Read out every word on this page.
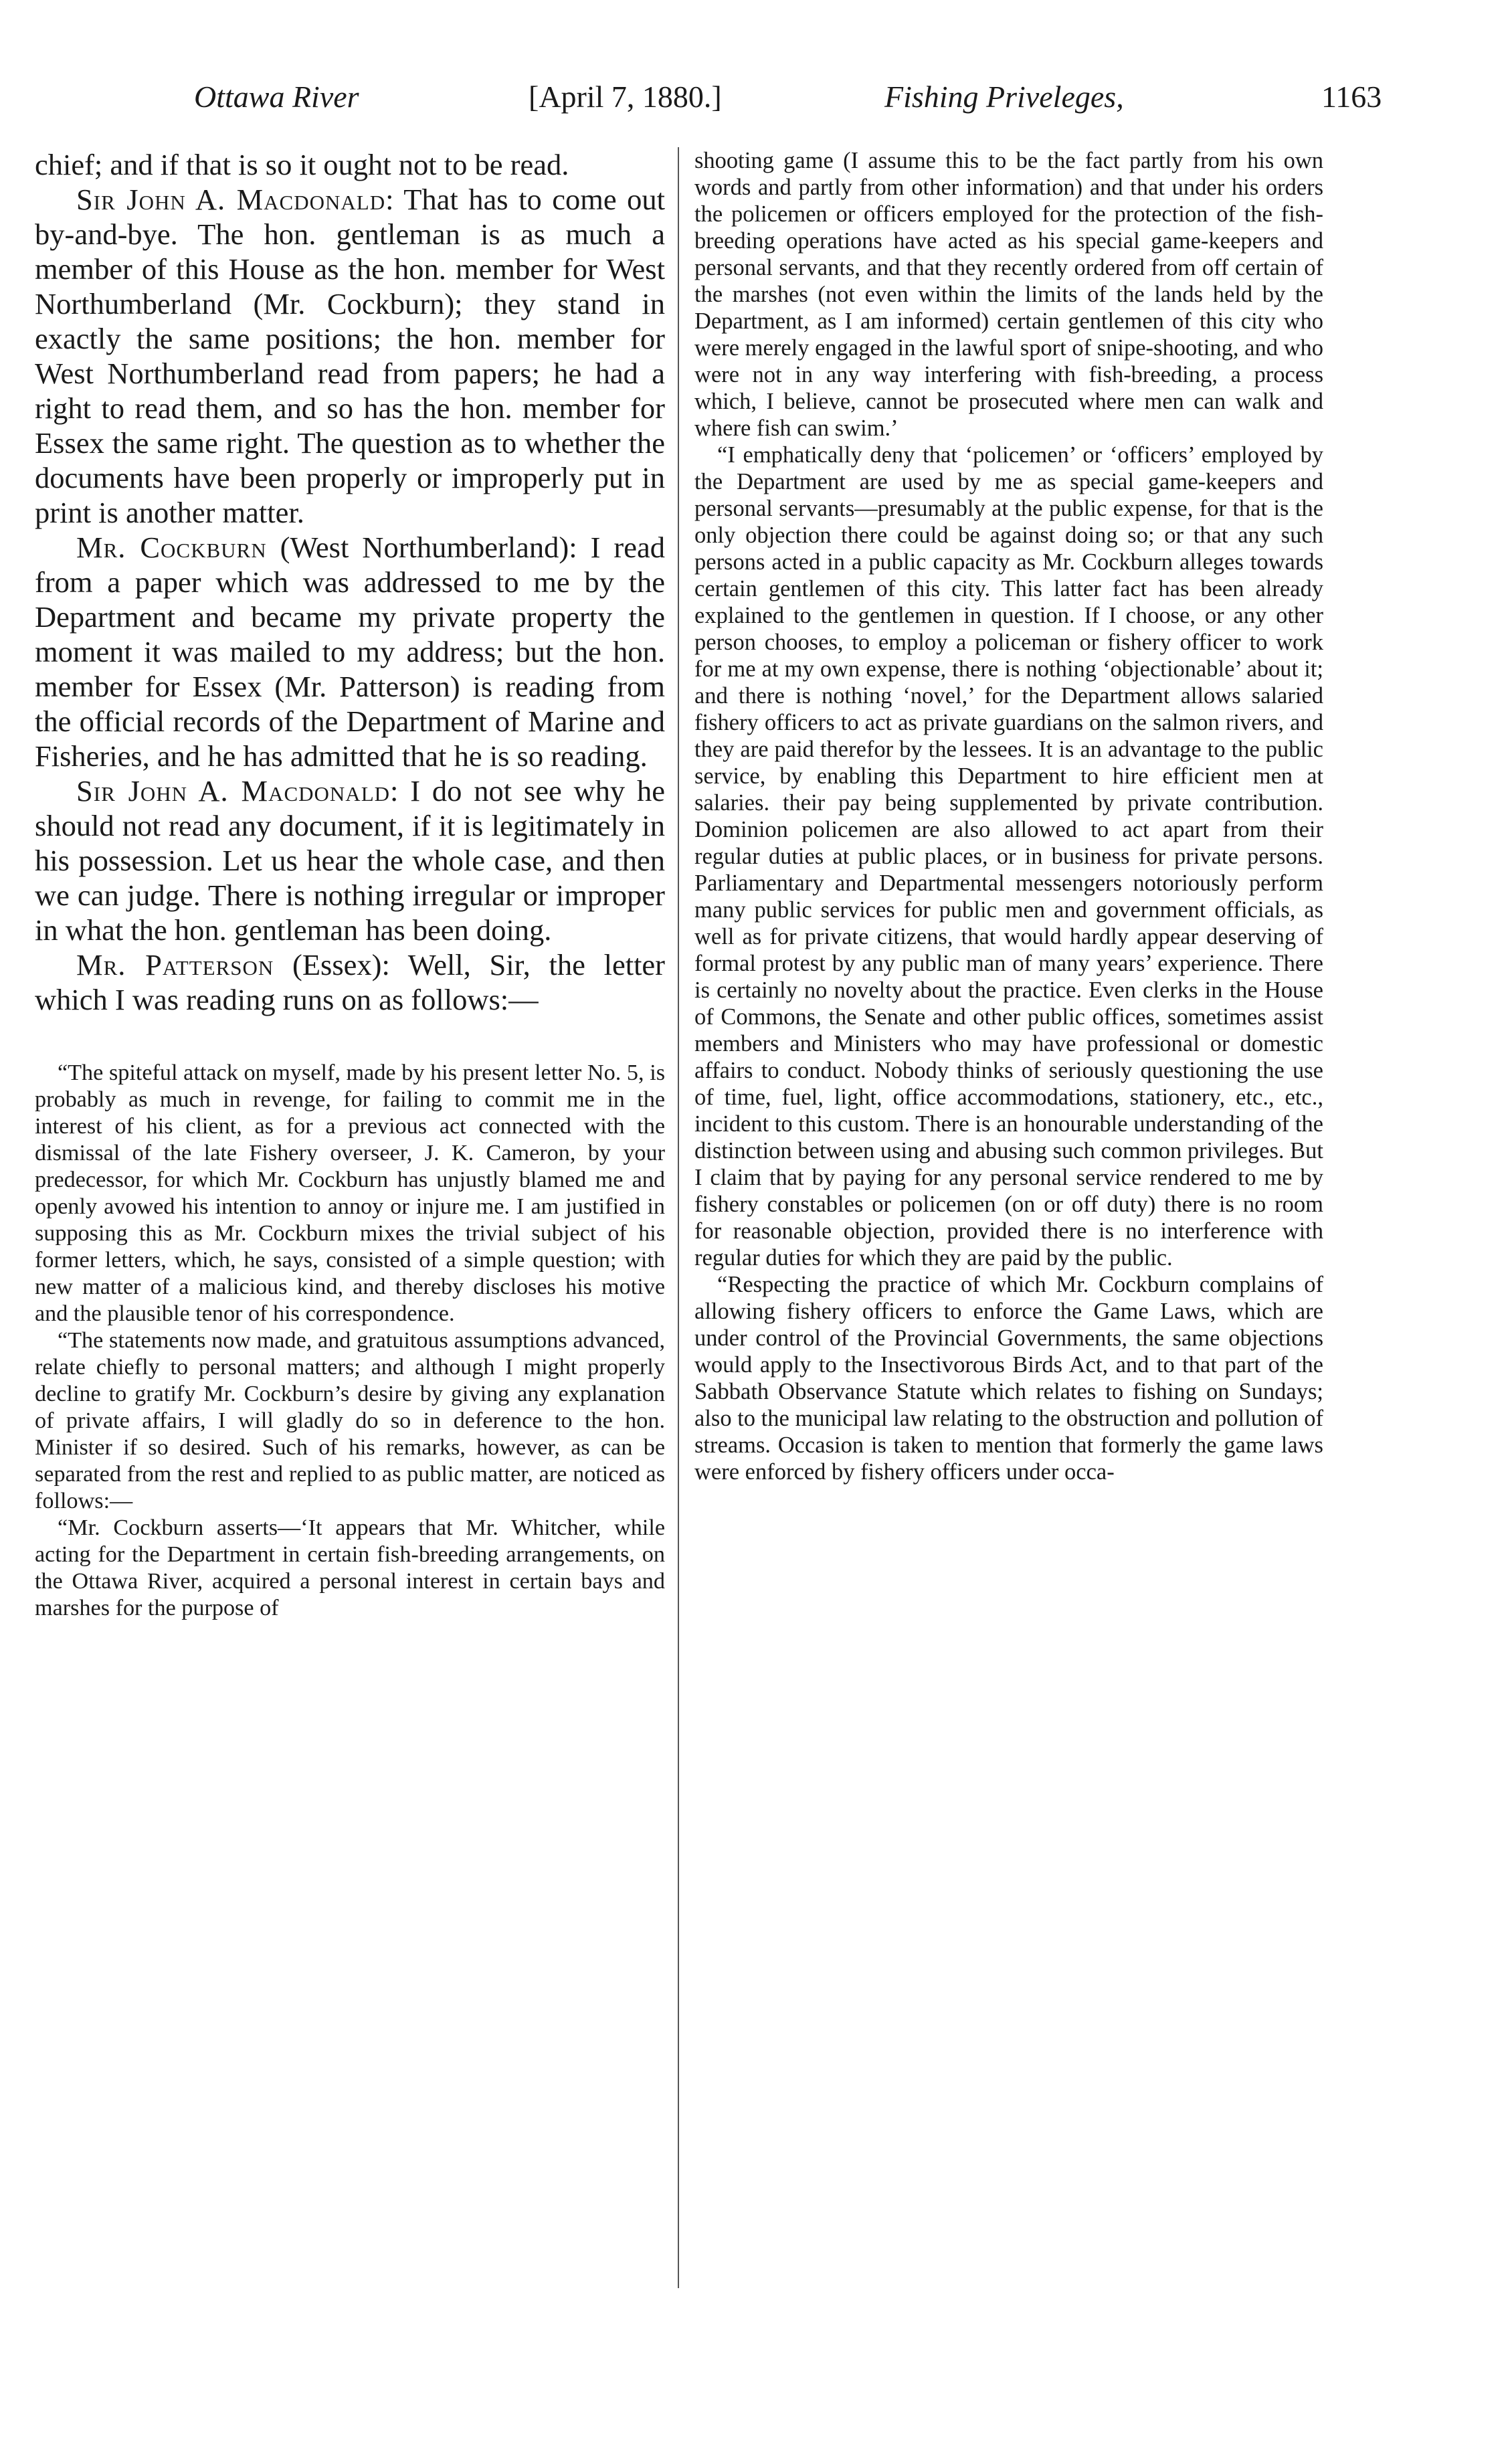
Ottawa River	[April 7, 1880.]	Fishing Priveleges,	1163

chief; and if that is so it ought not to be read.

Sir John A. Macdonald: That has to come out by-and-bye. The hon. gentleman is as much a member of this House as the hon. member for West Northumberland (Mr. Cockburn); they stand in exactly the same positions; the hon. member for West Northumberland read from papers; he had a right to read them, and so has the hon. member for Essex the same right. The question as to whether the documents have been properly or improperly put in print is another matter.

Mr. Cockburn (West Northumberland): I read from a paper which was addressed to me by the Department and became my private property the moment it was mailed to my address; but the hon. member for Essex (Mr. Patterson) is reading from the official records of the Department of Marine and Fisheries, and he has admitted that he is so reading.

Sir John A. Macdonald: I do not see why he should not read any document, if it is legitimately in his possession. Let us hear the whole case, and then we can judge. There is nothing irregular or improper in what the hon. gentleman has been doing.

Mr. Patterson (Essex): Well, Sir, the letter which I was reading runs on as follows:—

“The spiteful attack on myself, made by his present letter No. 5, is probably as much in revenge, for failing to commit me in the interest of his client, as for a previous act connected with the dismissal of the late Fishery overseer, J. K. Cameron, by your predecessor, for which Mr. Cockburn has unjustly blamed me and openly avowed his intention to annoy or injure me. I am justified in supposing this as Mr. Cockburn mixes the trivial subject of his former letters, which, he says, consisted of a simple question; with new matter of a malicious kind, and thereby discloses his motive and the plausible tenor of his correspondence.

“The statements now made, and gratuitous assumptions advanced, relate chiefly to personal matters; and although I might properly decline to gratify Mr. Cockburn’s desire by giving any explanation of private affairs, I will gladly do so in deference to the hon. Minister if so desired. Such of his remarks, however, as can be separated from the rest and replied to as public matter, are noticed as follows:—

“Mr. Cockburn asserts—‘It appears that Mr. Whitcher, while acting for the Department in certain fish-breeding arrangements, on the Ottawa River, acquired a personal interest in certain bays and marshes for the purpose of

shooting game (I assume this to be the fact partly from his own words and partly from other information) and that under his orders the policemen or officers employed for the protection of the fish-breeding operations have acted as his special game-keepers and personal servants, and that they recently ordered from off certain of the marshes (not even within the limits of the lands held by the Department, as I am informed) certain gentlemen of this city who were merely engaged in the lawful sport of snipe-shooting, and who were not in any way interfering with fish-breeding, a process which, I believe, cannot be prosecuted where men can walk and where fish can swim.’

“I emphatically deny that ‘policemen’ or ‘officers’ employed by the Department are used by me as special game-keepers and personal servants—presumably at the public expense, for that is the only objection there could be against doing so; or that any such persons acted in a public capacity as Mr. Cockburn alleges towards certain gentlemen of this city. This latter fact has been already explained to the gentlemen in question. If I choose, or any other person chooses, to employ a policeman or fishery officer to work for me at my own expense, there is nothing ‘objectionable’ about it; and there is nothing ‘novel,’ for the Department allows salaried fishery officers to act as private guardians on the salmon rivers, and they are paid therefor by the lessees. It is an advantage to the public service, by enabling this Department to hire efficient men at salaries. their pay being supplemented by private contribution. Dominion policemen are also allowed to act apart from their regular duties at public places, or in business for private persons. Parliamentary and Departmental messengers notoriously perform many public services for public men and government officials, as well as for private citizens, that would hardly appear deserving of formal protest by any public man of many years’ experience. There is certainly no novelty about the practice. Even clerks in the House of Commons, the Senate and other public offices, sometimes assist members and Ministers who may have professional or domestic affairs to conduct. Nobody thinks of seriously questioning the use of time, fuel, light, office accommodations, stationery, etc., etc., incident to this custom. There is an honourable understanding of the distinction between using and abusing such common privileges. But I claim that by paying for any personal service rendered to me by fishery constables or policemen (on or off duty) there is no room for reasonable objection, provided there is no interference with regular duties for which they are paid by the public.

“Respecting the practice of which Mr. Cockburn complains of allowing fishery officers to enforce the Game Laws, which are under control of the Provincial Governments, the same objections would apply to the Insectivorous Birds Act, and to that part of the Sabbath Observance Statute which relates to fishing on Sundays; also to the municipal law relating to the obstruction and pollution of streams. Occasion is taken to mention that formerly the game laws were enforced by fishery officers under occa-
